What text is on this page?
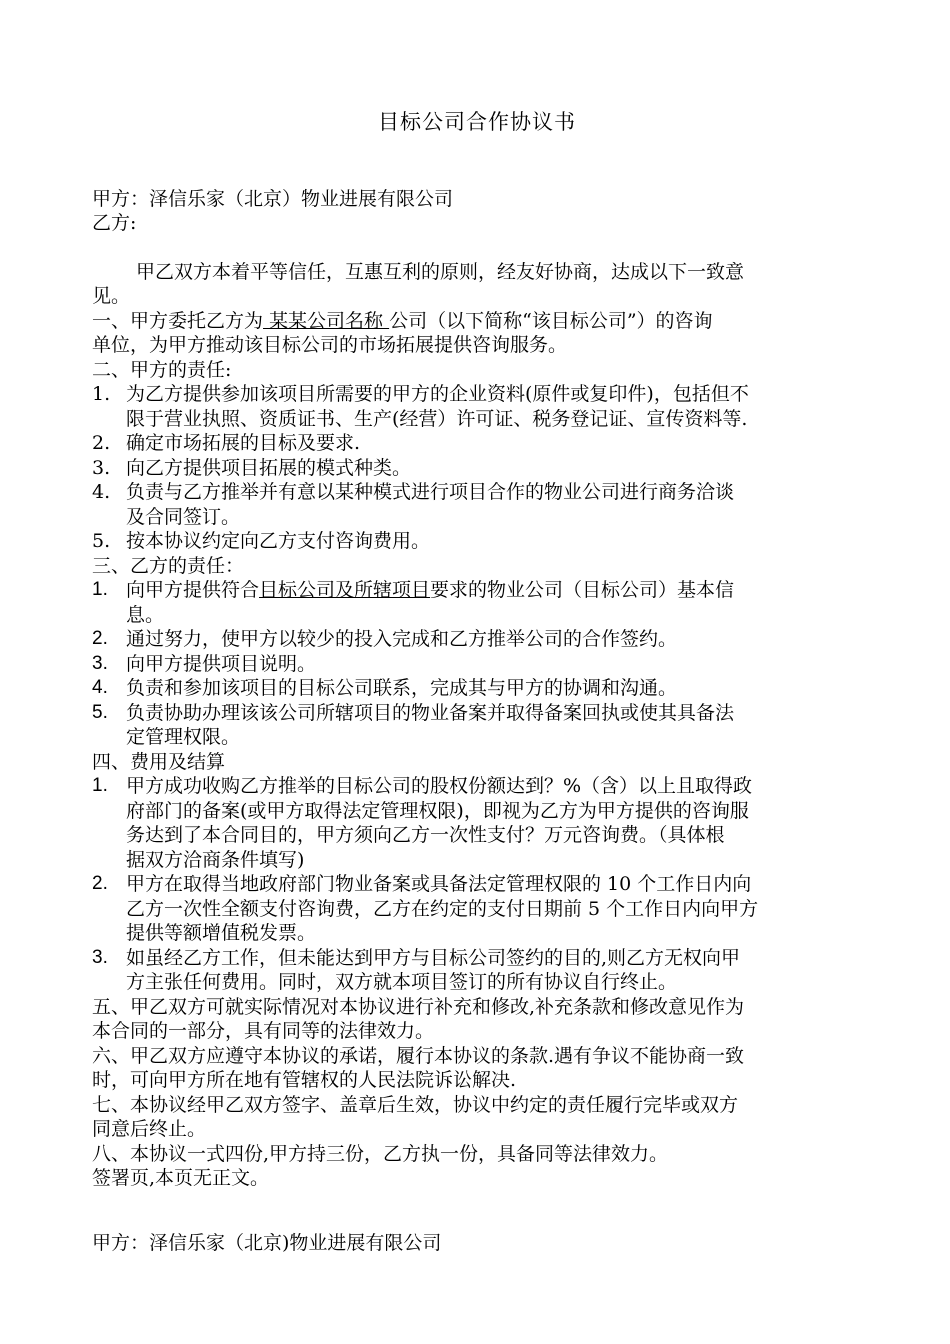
目标公司合作协议书
甲方：泽信乐家（北京）物业进展有限公司
乙方:
甲乙双方本着平等信任，互惠互利的原则，经友好协商，达成以下一致意
见。
一、甲方委托乙方为 某某公司名称 公司（以下简称“该目标公司”）的咨询
单位，为甲方推动该目标公司的市场拓展提供咨询服务。
二、甲方的责任:
1. 为乙方提供参加该项目所需要的甲方的企业资料(原件或复印件)，包括但不
限于营业执照、资质证书、生产(经营）许可证、税务登记证、宣传资料等.
2. 确定市场拓展的目标及要求.
3. 向乙方提供项目拓展的模式种类。
4. 负责与乙方推举并有意以某种模式进行项目合作的物业公司进行商务洽谈
及合同签订。
5. 按本协议约定向乙方支付咨询费用。
三、乙方的责任：
1. 向甲方提供符合目标公司及所辖项目要求的物业公司（目标公司）基本信
息。
2. 通过努力，使甲方以较少的投入完成和乙方推举公司的合作签约。
3. 向甲方提供项目说明。
4. 负责和参加该项目的目标公司联系，完成其与甲方的协调和沟通。
5. 负责协助办理该该公司所辖项目的物业备案并取得备案回执或使其具备法
定管理权限。
四、费用及结算
1. 甲方成功收购乙方推举的目标公司的股权份额达到？%（含）以上且取得政
府部门的备案(或甲方取得法定管理权限)，即视为乙方为甲方提供的咨询服
务达到了本合同目的，甲方须向乙方一次性支付？万元咨询费。（具体根
据双方洽商条件填写)
2. 甲方在取得当地政府部门物业备案或具备法定管理权限的 10 个工作日内向
乙方一次性全额支付咨询费，乙方在约定的支付日期前 5 个工作日内向甲方
提供等额增值税发票。
3. 如虽经乙方工作，但未能达到甲方与目标公司签约的目的,则乙方无权向甲
方主张任何费用。同时，双方就本项目签订的所有协议自行终止。
五、甲乙双方可就实际情况对本协议进行补充和修改,补充条款和修改意见作为
本合同的一部分，具有同等的法律效力。
六、甲乙双方应遵守本协议的承诺，履行本协议的条款.遇有争议不能协商一致
时，可向甲方所在地有管辖权的人民法院诉讼解决.
七、本协议经甲乙双方签字、盖章后生效，协议中约定的责任履行完毕或双方
同意后终止。
八、本协议一式四份,甲方持三份，乙方执一份，具备同等法律效力。
签署页,本页无正文。
甲方：泽信乐家（北京)物业进展有限公司
